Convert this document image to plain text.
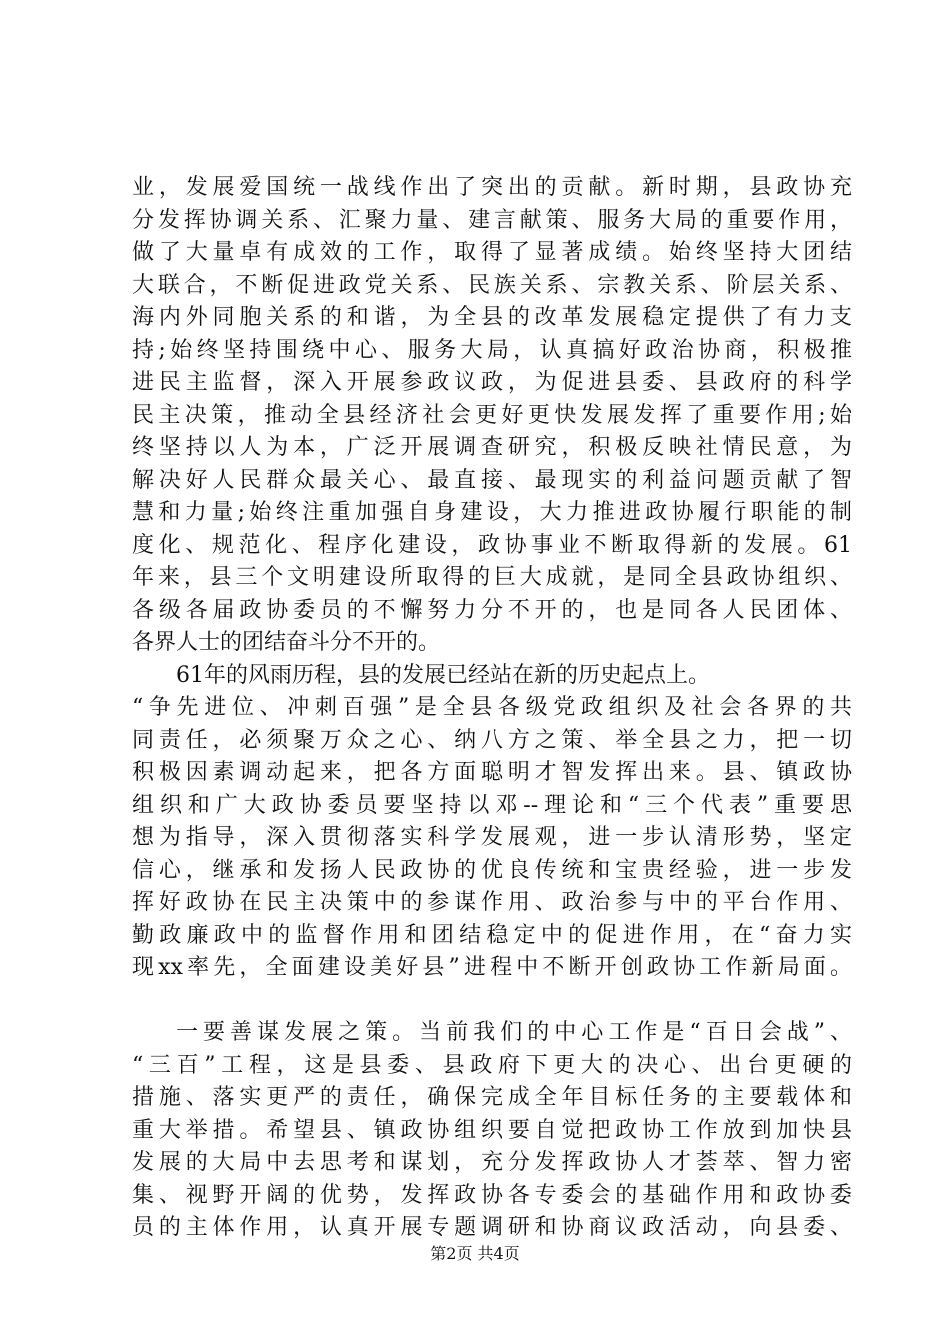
业，发展爱国统一战线作出了突出的贡献。新时期，县政协充
分发挥协调关系、汇聚力量、建言献策、服务大局的重要作用，
做了大量卓有成效的工作，取得了显著成绩。始终坚持大团结
大联合，不断促进政党关系、民族关系、宗教关系、阶层关系、
海内外同胞关系的和谐，为全县的改革发展稳定提供了有力支
持;始终坚持围绕中心、服务大局，认真搞好政治协商，积极推
进民主监督，深入开展参政议政，为促进县委、县政府的科学
民主决策，推动全县经济社会更好更快发展发挥了重要作用;始
终坚持以人为本，广泛开展调查研究，积极反映社情民意，为
解决好人民群众最关心、最直接、最现实的利益问题贡献了智
慧和力量;始终注重加强自身建设，大力推进政协履行职能的制
度化、规范化、程序化建设，政协事业不断取得新的发展。61
年来，县三个文明建设所取得的巨大成就，是同全县政协组织、
各级各届政协委员的不懈努力分不开的，也是同各人民团体、
各界人士的团结奋斗分不开的。
61年的风雨历程，县的发展已经站在新的历史起点上。
“争先进位、冲刺百强”是全县各级党政组织及社会各界的共
同责任，必须聚万众之心、纳八方之策、举全县之力，把一切
积极因素调动起来，把各方面聪明才智发挥出来。县、镇政协
组织和广大政协委员要坚持以邓--理论和“三个代表”重要思
想为指导，深入贯彻落实科学发展观，进一步认清形势，坚定
信心，继承和发扬人民政协的优良传统和宝贵经验，进一步发
挥好政协在民主决策中的参谋作用、政治参与中的平台作用、
勤政廉政中的监督作用和团结稳定中的促进作用，在“奋力实
现xx率先，全面建设美好县”进程中不断开创政协工作新局面。
一要善谋发展之策。当前我们的中心工作是“百日会战”、
“三百”工程，这是县委、县政府下更大的决心、出台更硬的
措施、落实更严的责任，确保完成全年目标任务的主要载体和
重大举措。希望县、镇政协组织要自觉把政协工作放到加快县
发展的大局中去思考和谋划，充分发挥政协人才荟萃、智力密
集、视野开阔的优势，发挥政协各专委会的基础作用和政协委
员的主体作用，认真开展专题调研和协商议政活动，向县委、
第2页 共4页
